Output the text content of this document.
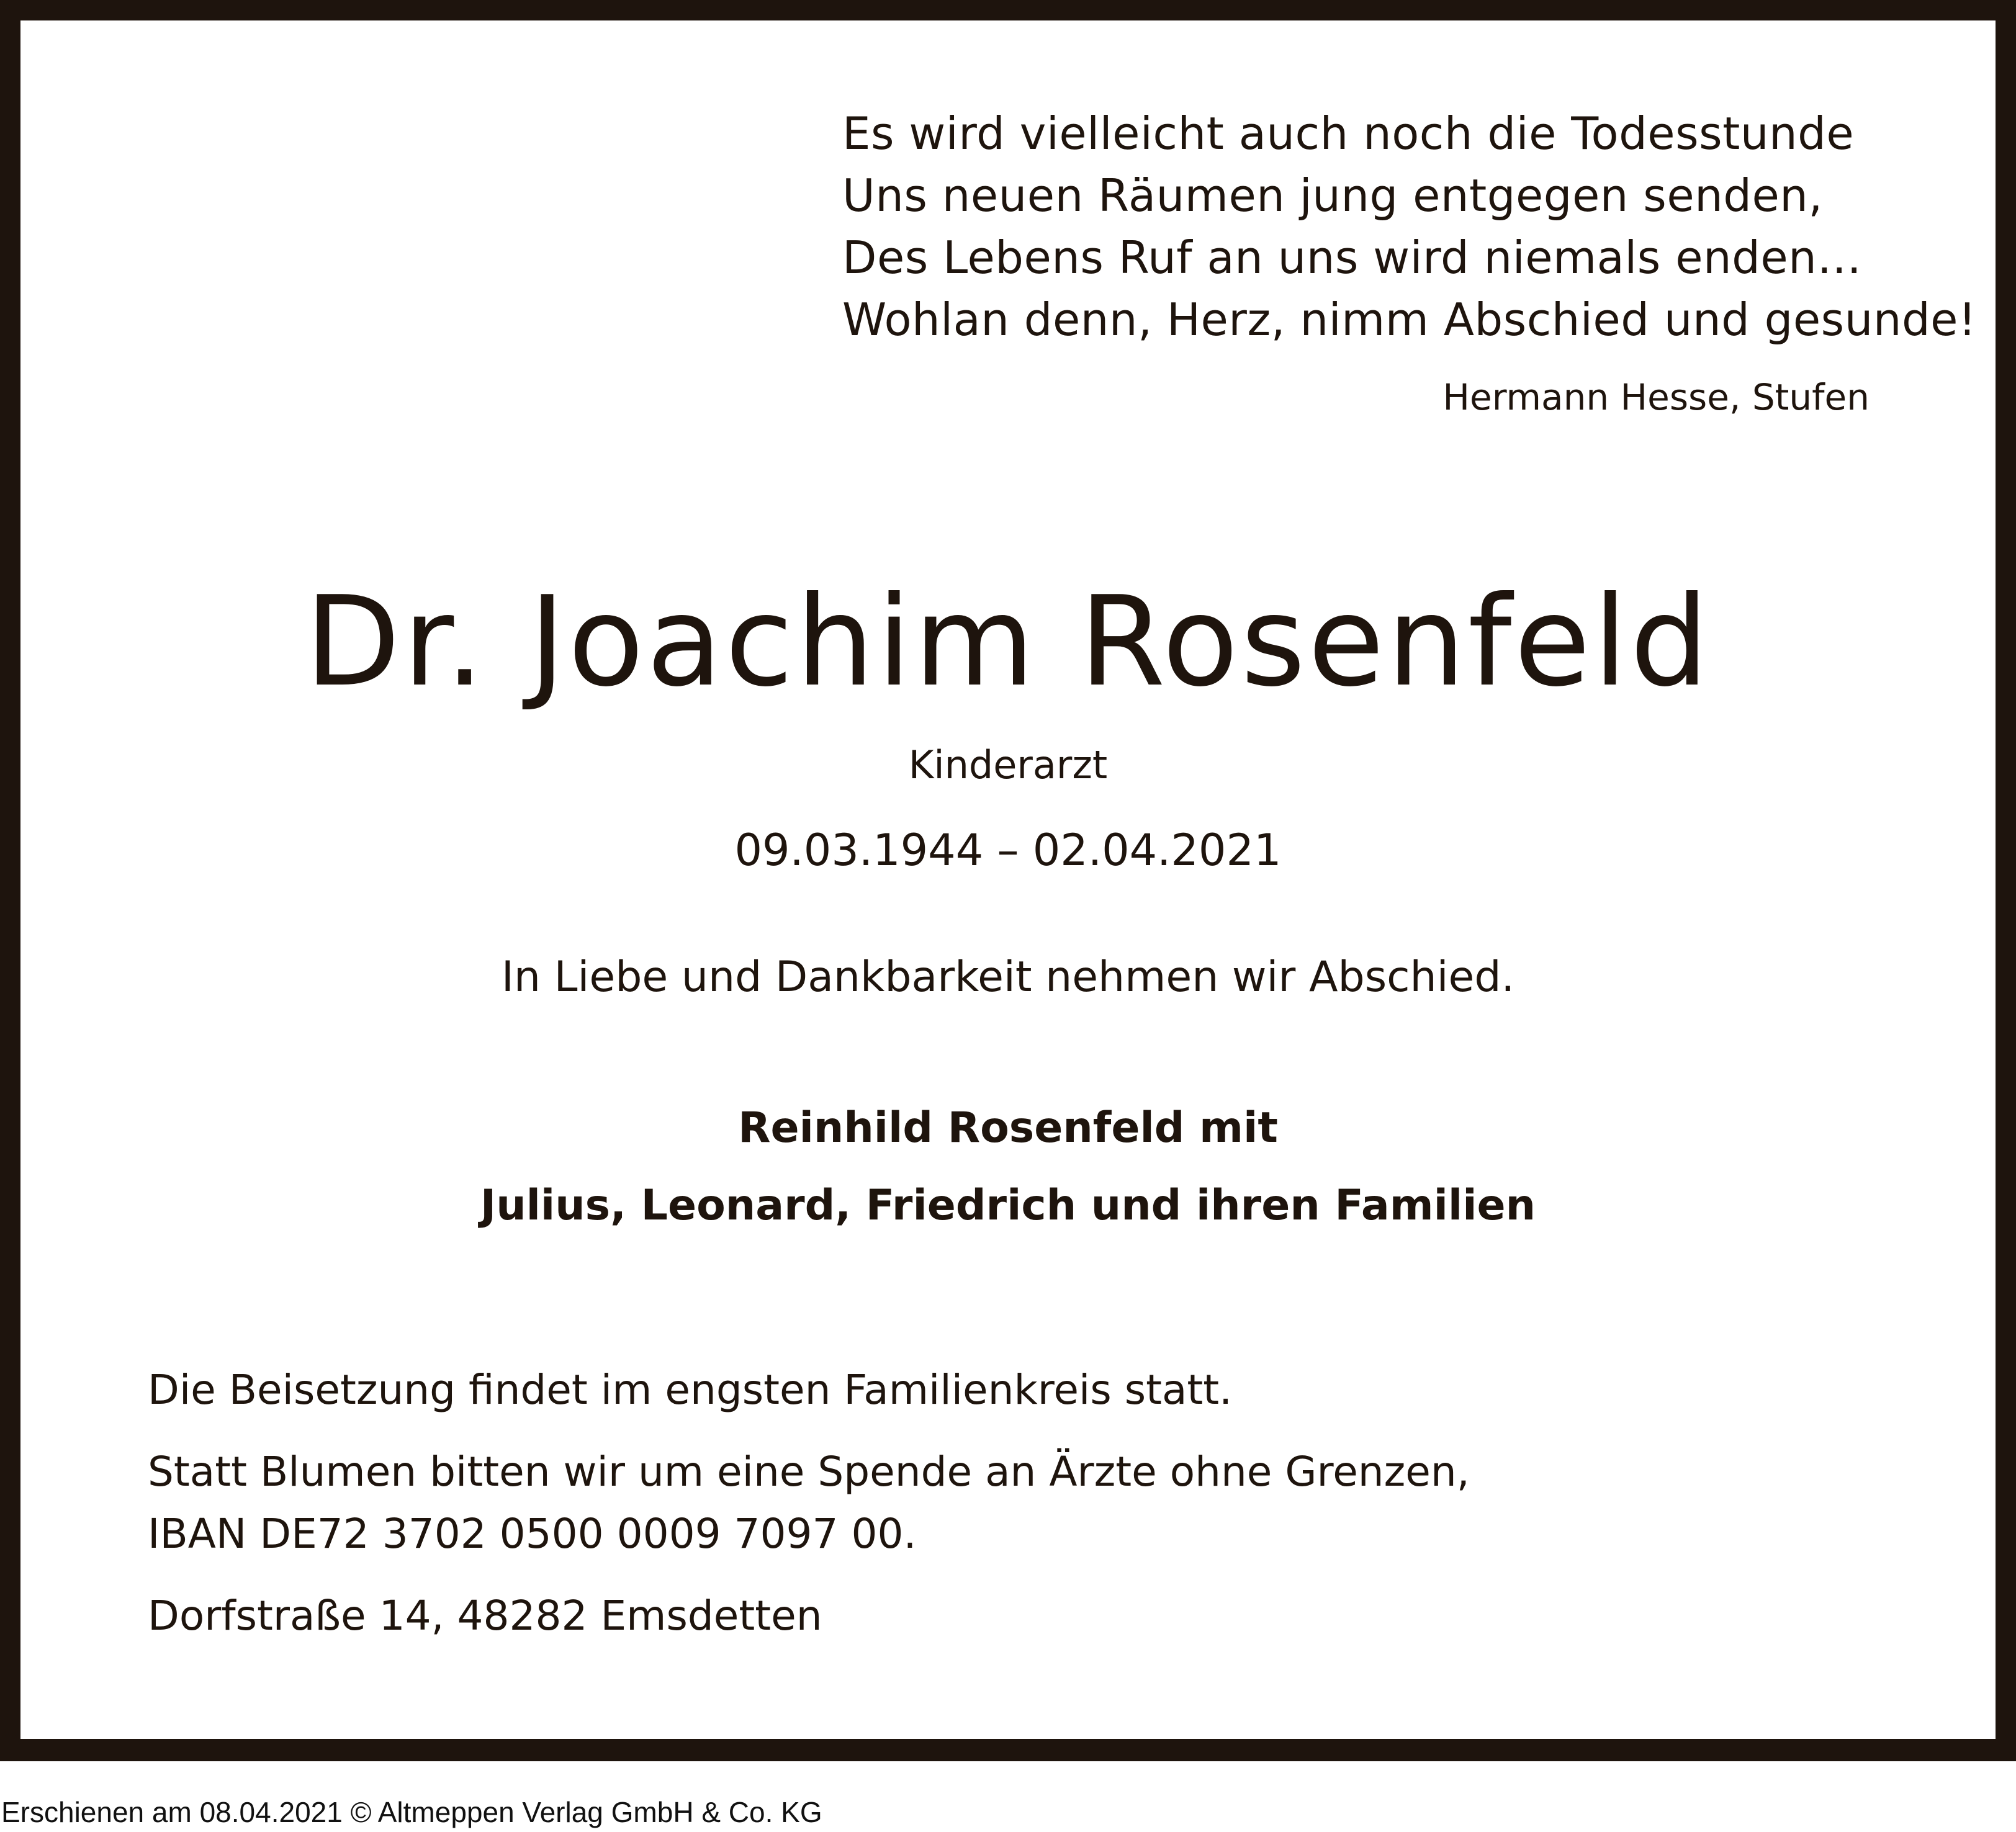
Es wird vielleicht auch noch die Todesstunde
Uns neuen Räumen jung entgegen senden,
Des Lebens Ruf an uns wird niemals enden…
Wohlan denn, Herz, nimm Abschied und gesunde!
Hermann Hesse, Stufen
Dr. Joachim Rosenfeld
Kinderarzt
09.03.1944 – 02.04.2021
In Liebe und Dankbarkeit nehmen wir Abschied.
Reinhild Rosenfeld mit
Julius, Leonard, Friedrich und ihren Familien
Die Beisetzung findet im engsten Familienkreis statt.
Statt Blumen bitten wir um eine Spende an Ärzte ohne Grenzen,
IBAN DE72 3702 0500 0009 7097 00.
Dorfstraße 14, 48282 Emsdetten
Erschienen am 08.04.2021 © Altmeppen Verlag GmbH & Co. KG
